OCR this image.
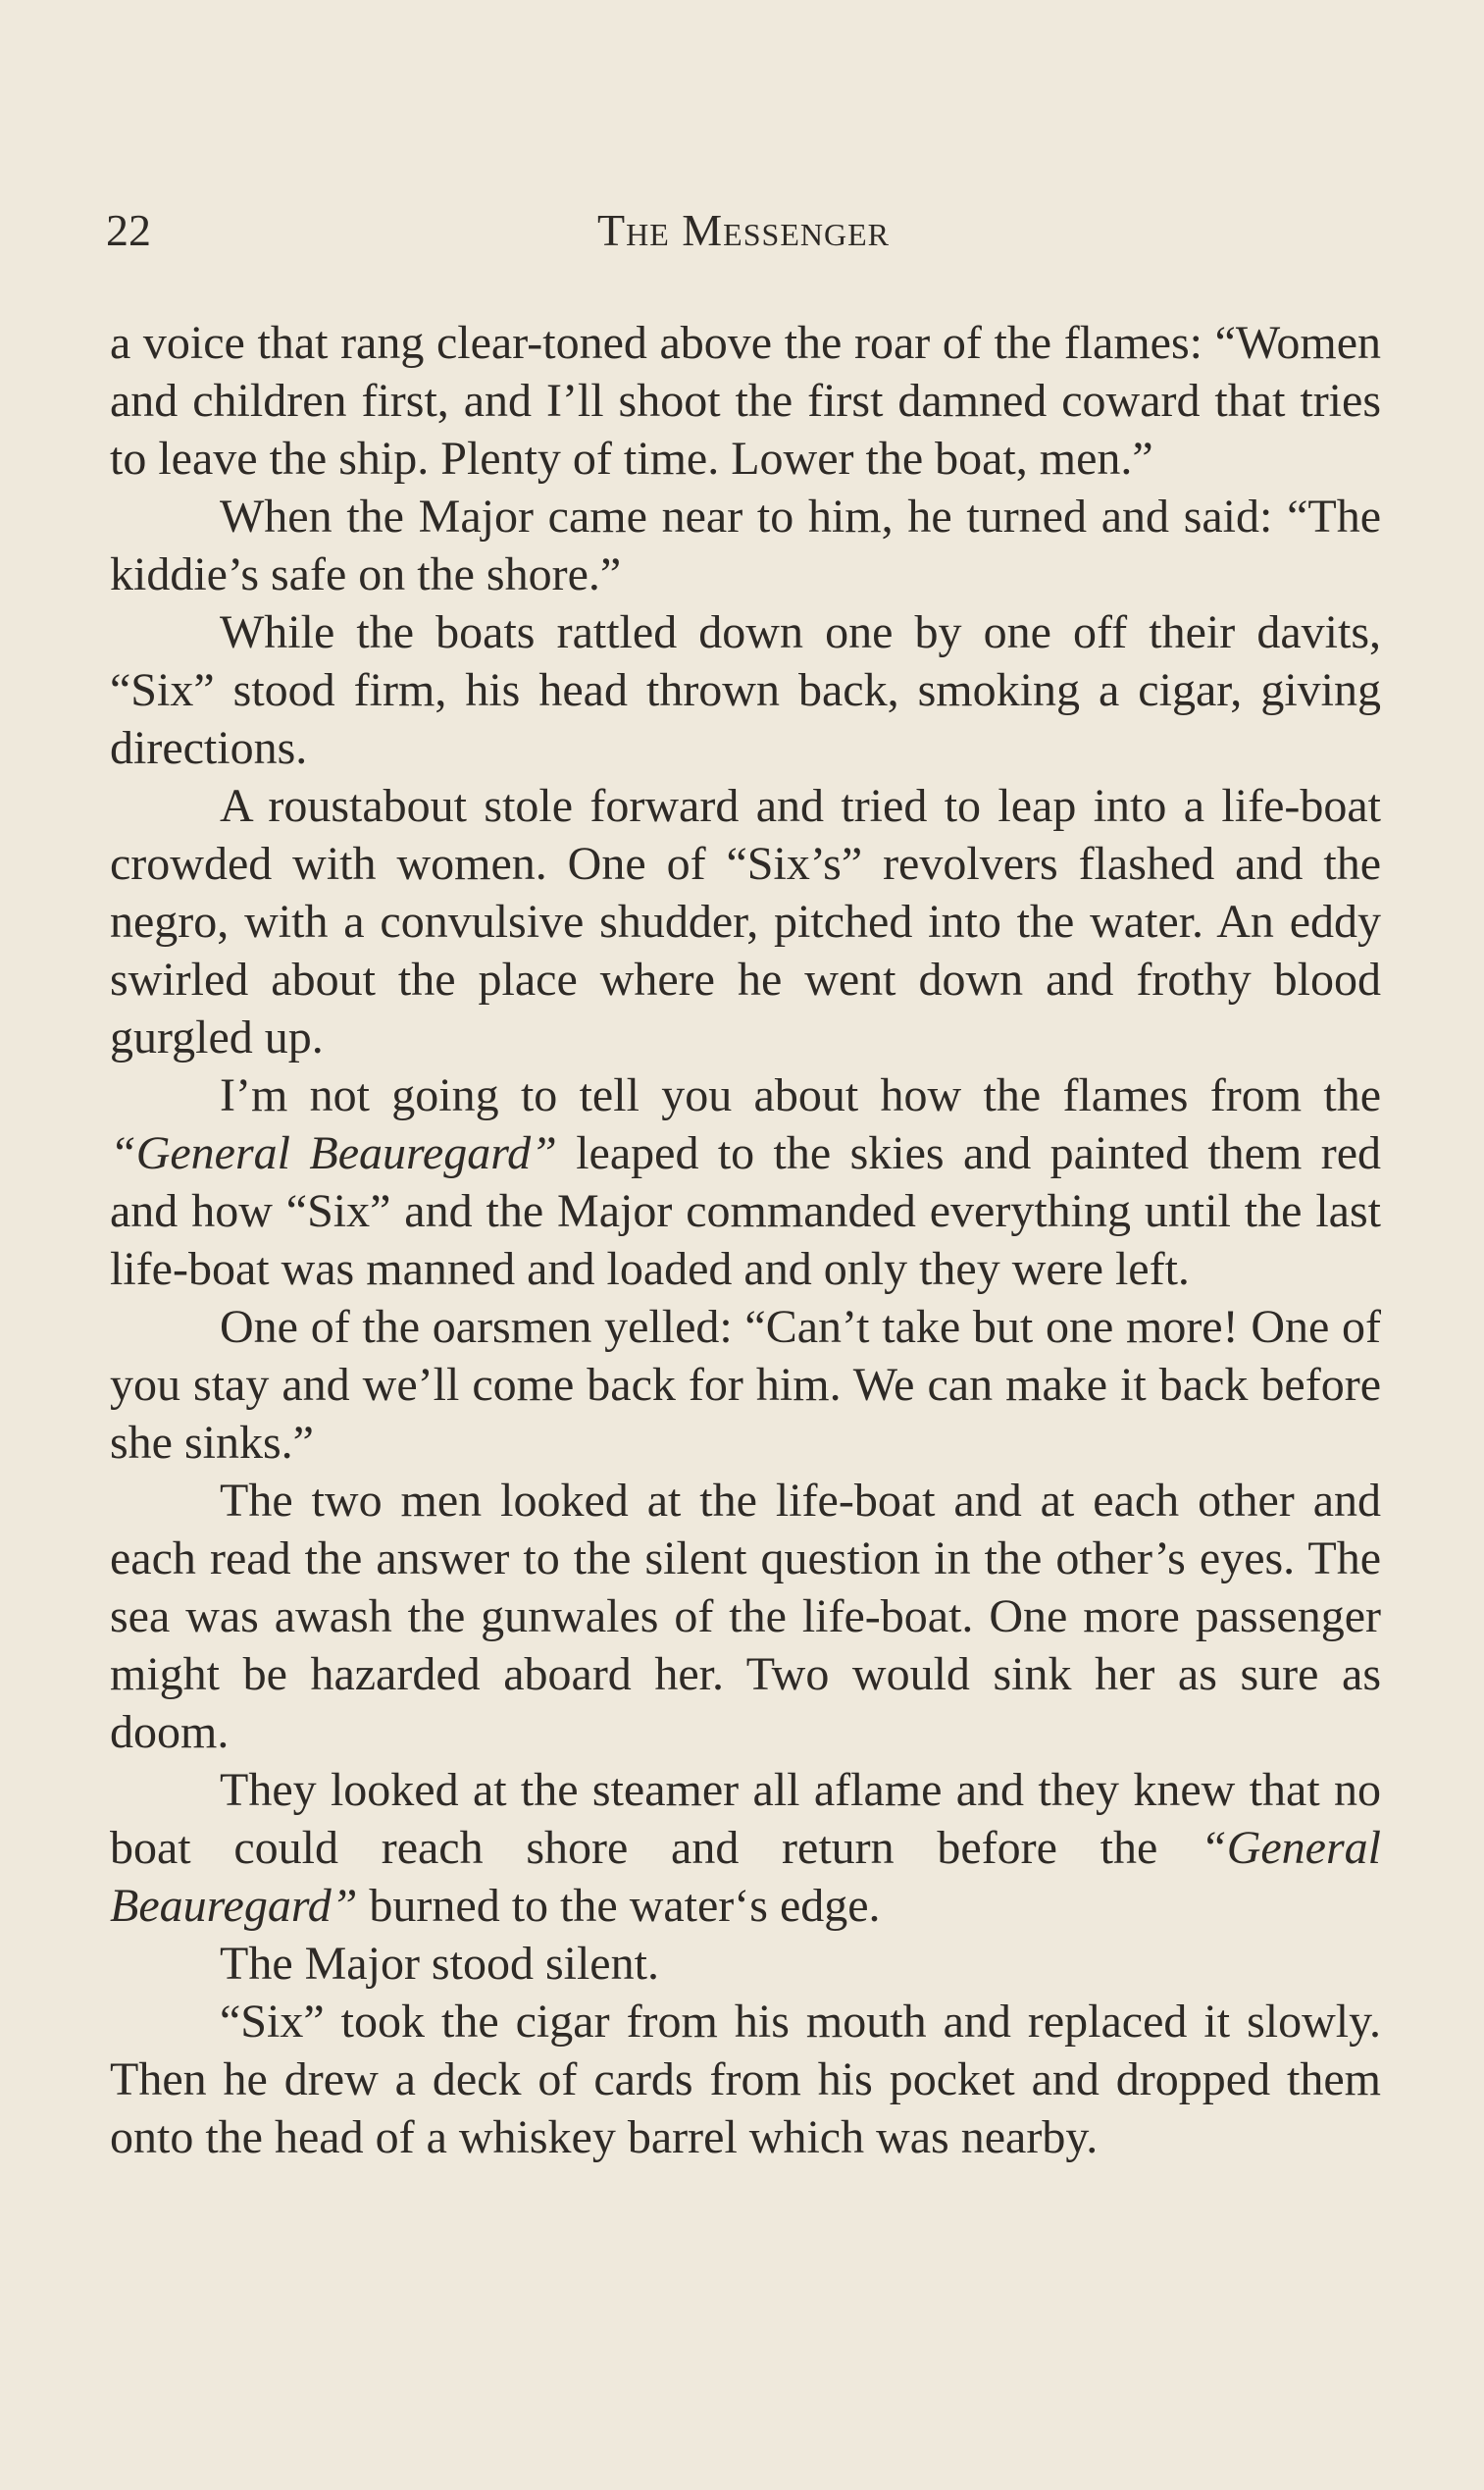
22	The Messenger

a voice that rang clear-toned above the roar of the flames: “Women and children first, and I’ll shoot the first damned coward that tries to leave the ship. Plenty of time. Lower the boat, men.”

When the Major came near to him, he turned and said: “The kiddie’s safe on the shore.”

While the boats rattled down one by one off their davits, “Six” stood firm, his head thrown back, smoking a cigar, giving directions.

A roustabout stole forward and tried to leap into a life-boat crowded with women. One of “Six’s” revolvers flashed and the negro, with a convulsive shudder, pitched into the water. An eddy swirled about the place where he went down and frothy blood gurgled up.

I’m not going to tell you about how the flames from the “General Beauregard” leaped to the skies and painted them red and how “Six” and the Major commanded everything until the last life-boat was manned and loaded and only they were left.

One of the oarsmen yelled: “Can’t take but one more! One of you stay and we’ll come back for him. We can make it back before she sinks.”

The two men looked at the life-boat and at each other and each read the answer to the silent question in the other’s eyes. The sea was awash the gunwales of the life-boat. One more passenger might be hazarded aboard her. Two would sink her as sure as doom.

They looked at the steamer all aflame and they knew that no boat could reach shore and return before the “General Beauregard” burned to the water‘s edge.

The Major stood silent.

“Six” took the cigar from his mouth and replaced it slowly. Then he drew a deck of cards from his pocket and dropped them onto the head of a whiskey barrel which was nearby.
